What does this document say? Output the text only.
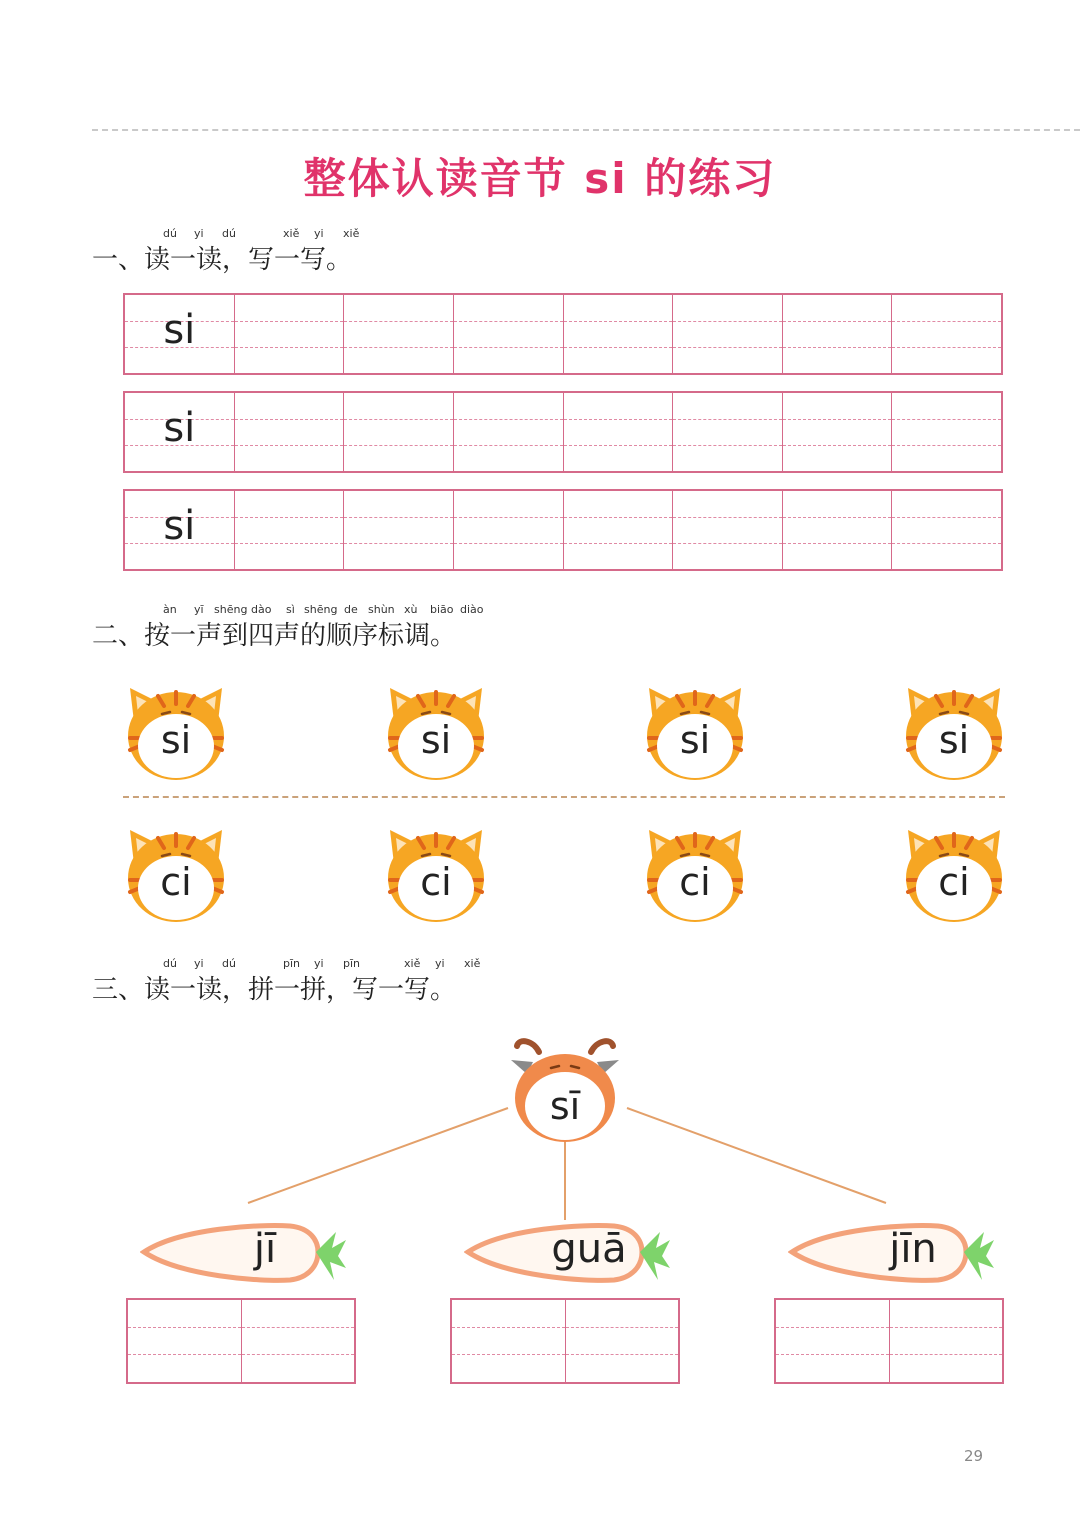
整体认读音节 si 的练习
dú yi dú	xiě yi xiě
一、读一读，写一写。
si
si
si
àn yī shēng dào sì shēng de shùn xù biāo diào
二、按一声到四声的顺序标调。
si	si	si	si
ci	ci	ci	ci
dú yi dú	pīn yi pīn	xiě yi xiě
三、读一读，拼一拼，写一写。
sī
jī	guā	jīn
29
